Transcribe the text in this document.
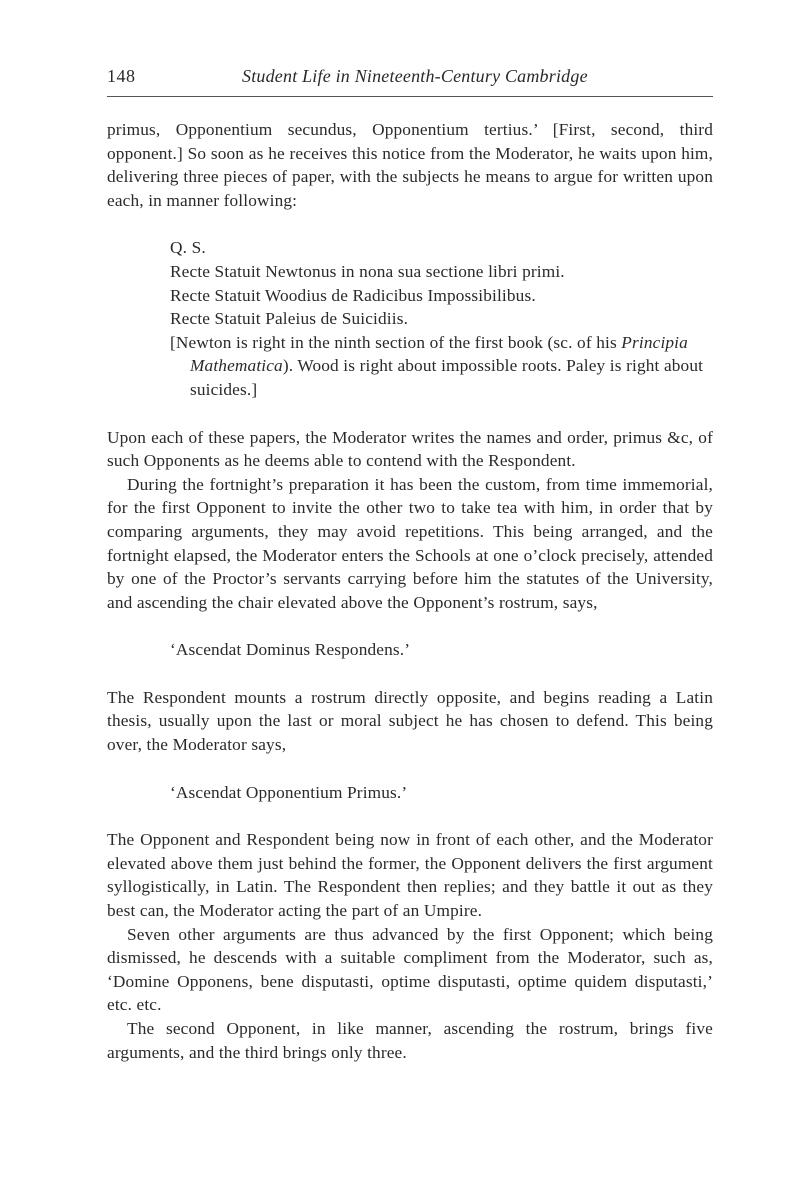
148	Student Life in Nineteenth-Century Cambridge

primus, Opponentium secundus, Opponentium tertius.’ [First, second, third opponent.] So soon as he receives this notice from the Moderator, he waits upon him, delivering three pieces of paper, with the subjects he means to argue for written upon each, in manner following:

Q. S.
Recte Statuit Newtonus in nona sua sectione libri primi.
Recte Statuit Woodius de Radicibus Impossibilibus.
Recte Statuit Paleius de Suicidiis.
[Newton is right in the ninth section of the first book (sc. of his Principia Mathematica). Wood is right about impossible roots. Paley is right about suicides.]

Upon each of these papers, the Moderator writes the names and order, primus &c, of such Opponents as he deems able to contend with the Respondent.

During the fortnight’s preparation it has been the custom, from time immemorial, for the first Opponent to invite the other two to take tea with him, in order that by comparing arguments, they may avoid repetitions. This being arranged, and the fortnight elapsed, the Moderator enters the Schools at one o’clock precisely, attended by one of the Proctor’s servants carrying before him the statutes of the University, and ascending the chair elevated above the Opponent’s rostrum, says,

‘Ascendat Dominus Respondens.’

The Respondent mounts a rostrum directly opposite, and begins reading a Latin thesis, usually upon the last or moral subject he has chosen to defend. This being over, the Moderator says,

‘Ascendat Opponentium Primus.’

The Opponent and Respondent being now in front of each other, and the Moderator elevated above them just behind the former, the Opponent delivers the first argument syllogistically, in Latin. The Respondent then replies; and they battle it out as they best can, the Moderator acting the part of an Umpire.

Seven other arguments are thus advanced by the first Opponent; which being dismissed, he descends with a suitable compliment from the Moderator, such as, ‘Domine Opponens, bene disputasti, optime disputasti, optime quidem disputasti,’ etc. etc.

The second Opponent, in like manner, ascending the rostrum, brings five arguments, and the third brings only three.
